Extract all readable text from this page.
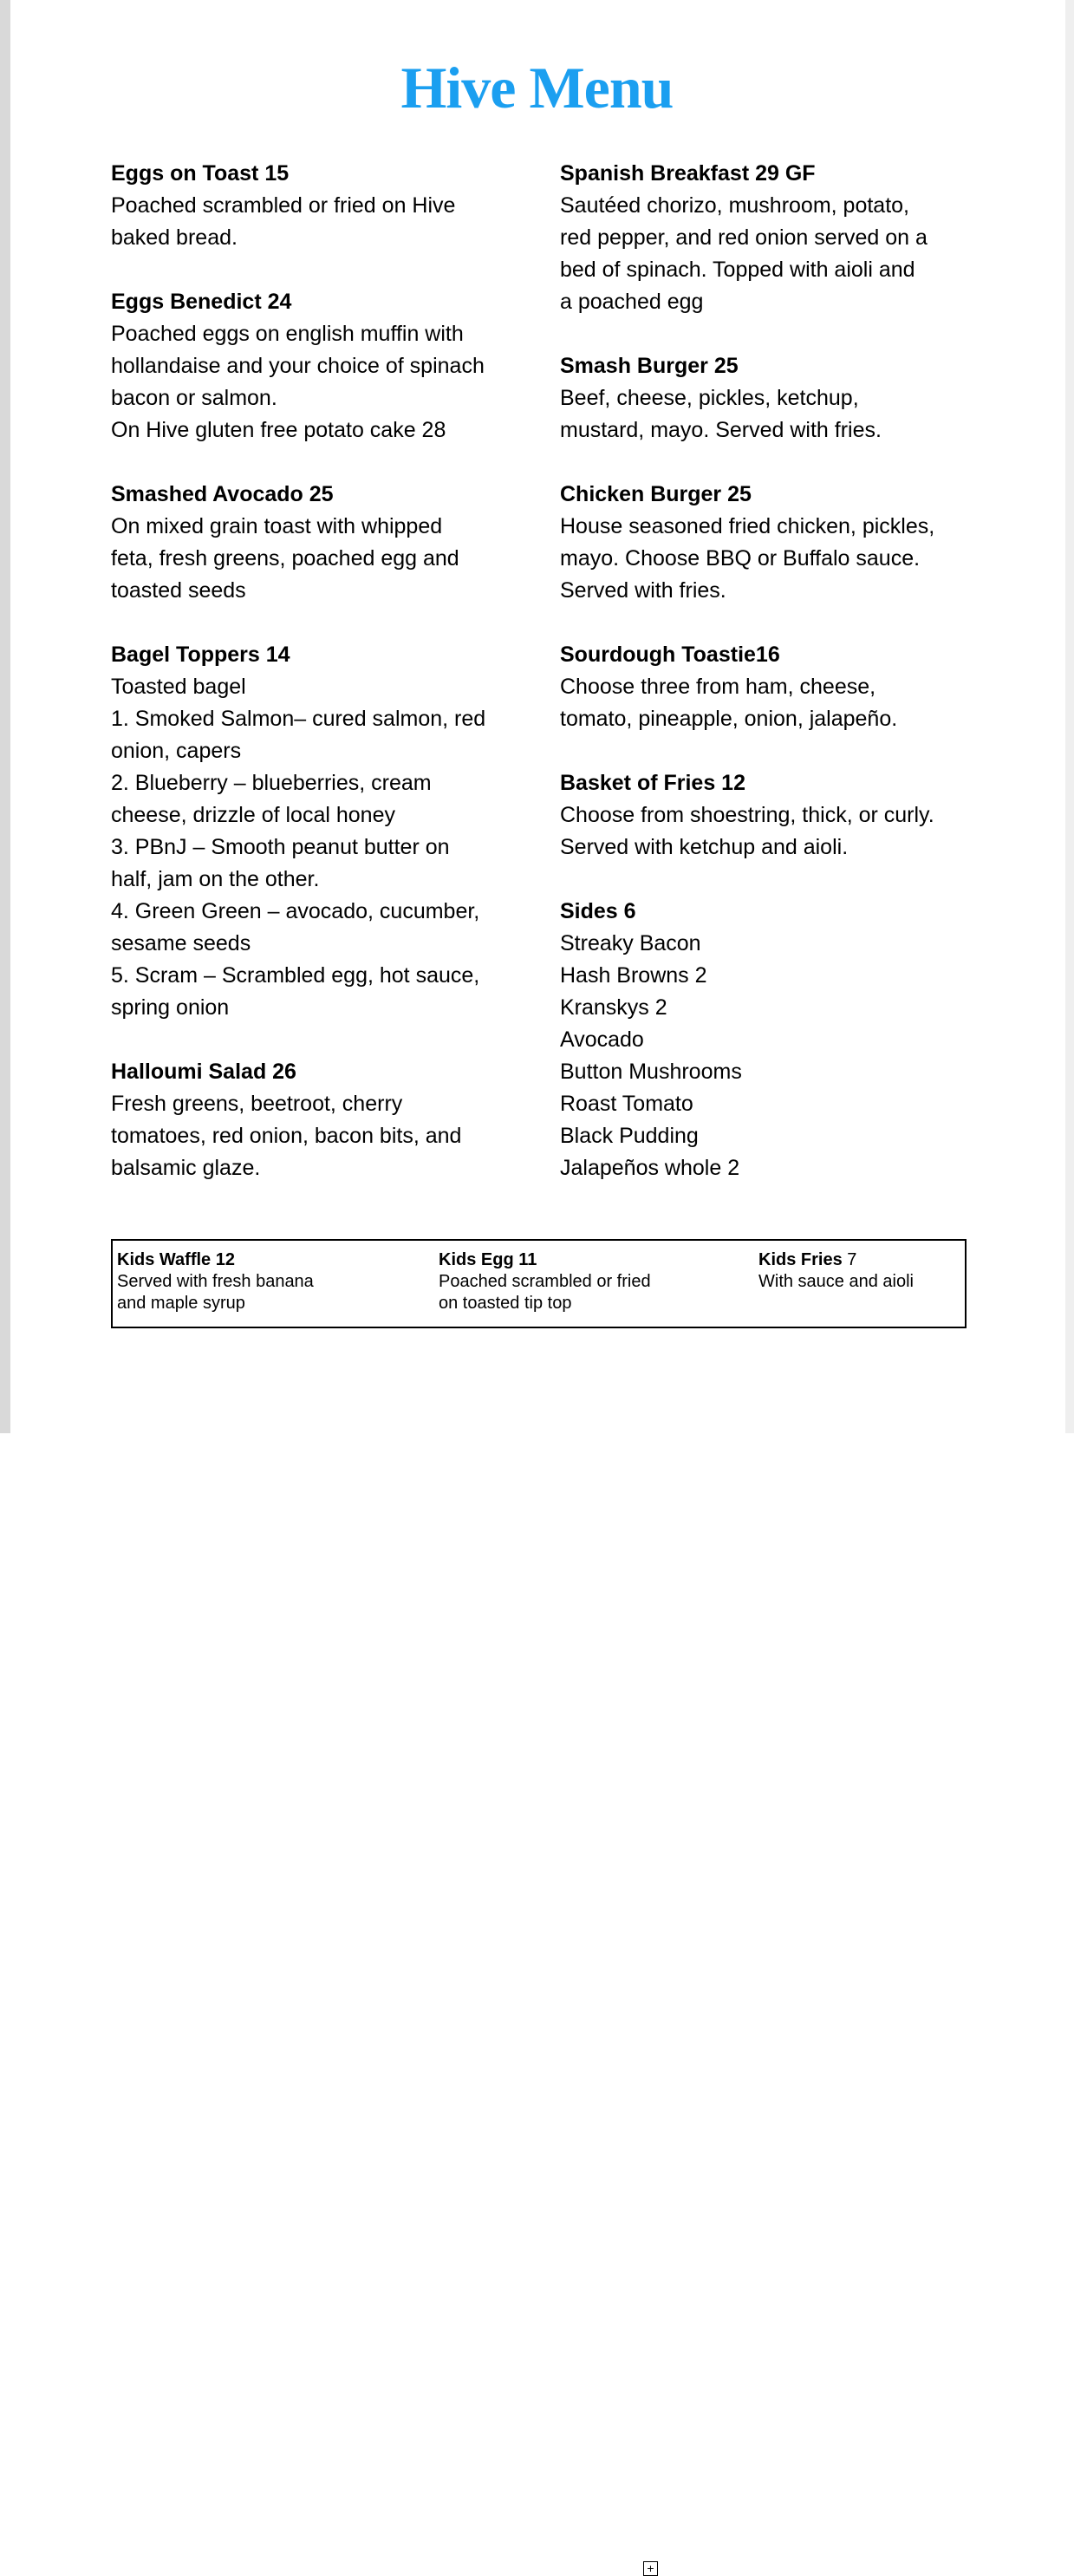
Hive Menu
Eggs on Toast 15
Poached scrambled or fried on Hive
baked bread.
Eggs Benedict 24
Poached eggs on english muffin with
hollandaise and your choice of spinach
bacon or salmon.
On Hive gluten free potato cake 28
Smashed Avocado 25
On mixed grain toast with whipped
feta, fresh greens, poached egg and
toasted seeds
Bagel Toppers 14
Toasted bagel
1. Smoked Salmon– cured salmon, red
onion, capers
2. Blueberry – blueberries, cream
cheese, drizzle of local honey
3. PBnJ – Smooth peanut butter on
half, jam on the other.
4. Green Green – avocado, cucumber,
sesame seeds
5. Scram – Scrambled egg, hot sauce,
spring onion
Halloumi Salad 26
Fresh greens, beetroot, cherry
tomatoes, red onion, bacon bits, and
balsamic glaze.
Spanish Breakfast 29 GF
Sautéed chorizo, mushroom, potato,
red pepper, and red onion served on a
bed of spinach. Topped with aioli and
a poached egg
Smash Burger 25
Beef, cheese, pickles, ketchup,
mustard, mayo. Served with fries.
Chicken Burger 25
House seasoned fried chicken, pickles,
mayo. Choose BBQ or Buffalo sauce.
Served with fries.
Sourdough Toastie16
Choose three from ham, cheese,
tomato, pineapple, onion, jalapeño.
Basket of Fries 12
Choose from shoestring, thick, or curly.
Served with ketchup and aioli.
Sides 6
Streaky Bacon
Hash Browns 2
Kranskys 2
Avocado
Button Mushrooms
Roast Tomato
Black Pudding
Jalapeños whole 2
+
Kids Waffle 12
Served with fresh banana
and maple syrup
Kids Egg 11
Poached scrambled or fried
on toasted tip top
Kids Fries 7
With sauce and aioli
